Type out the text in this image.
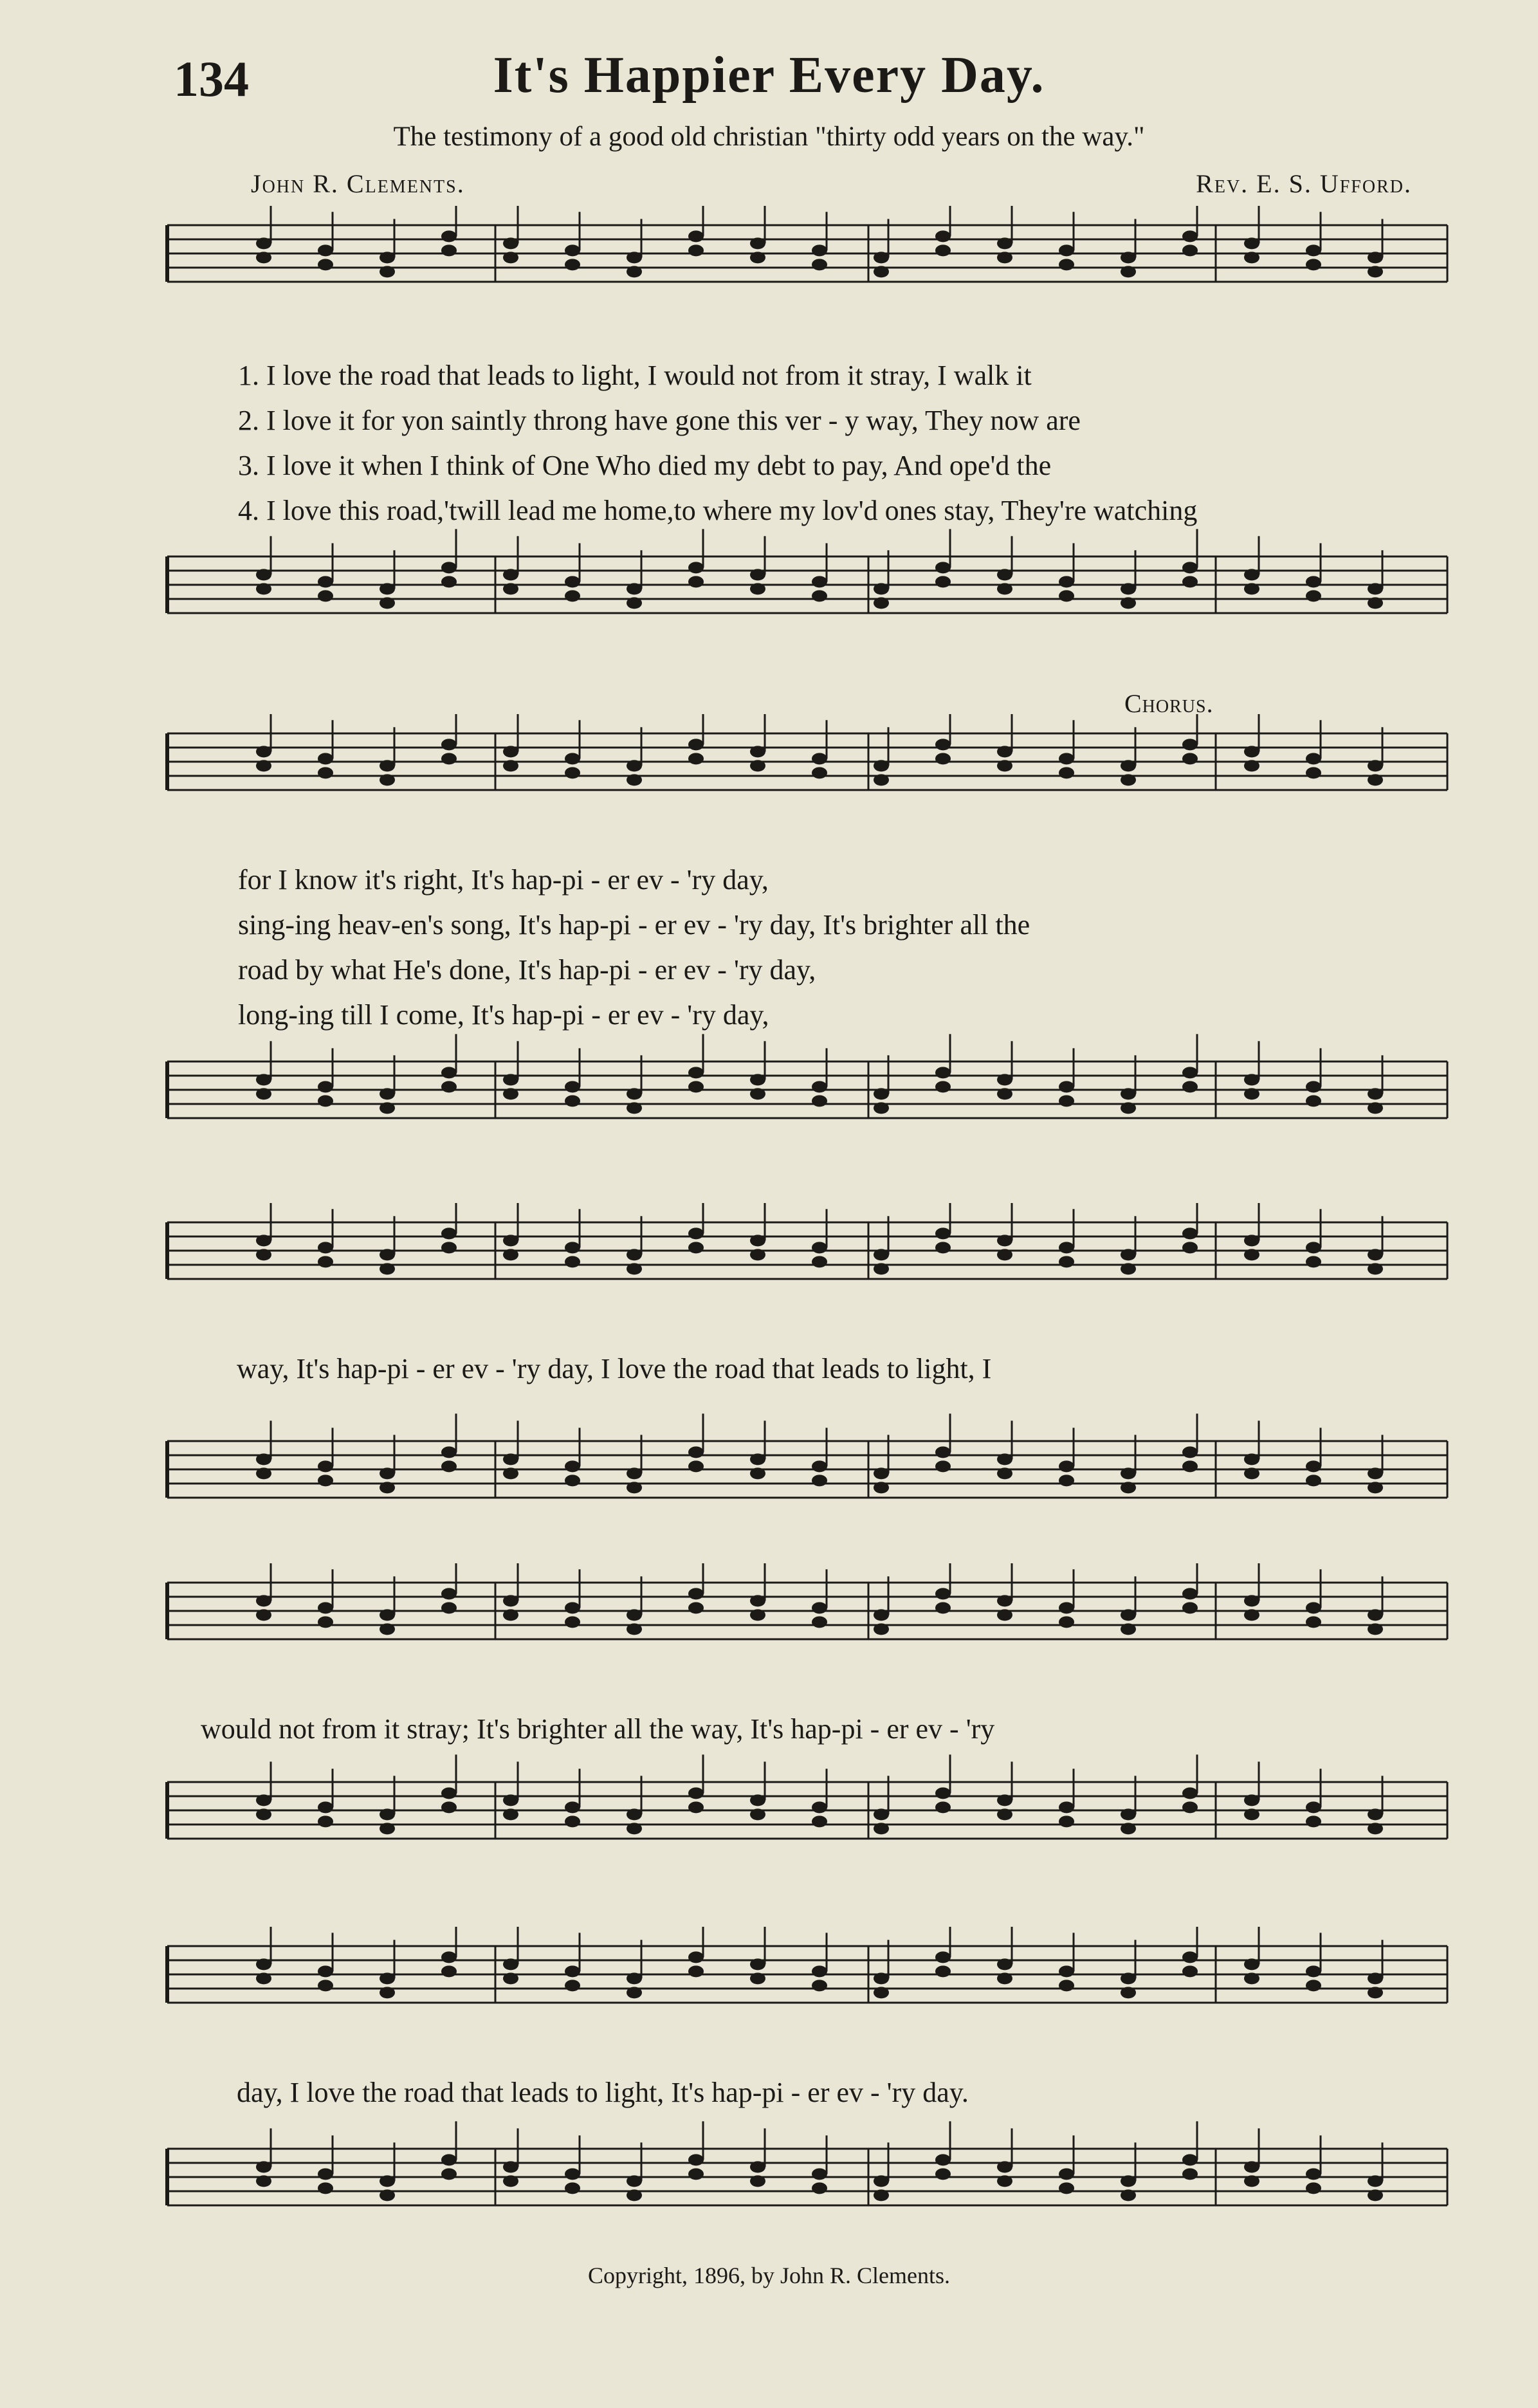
134	It's Happier Every Day.
The testimony of a good old christian "thirty odd years on the way."
John R. Clements.	Rev. E. S. Ufford.
1. I love the road that leads to light, I would not from it stray, I walk it
2. I love it for yon saintly throng have gone this ver - y way, They now are
3. I love it when I think of One Who died my debt to pay, And ope'd the
4. I love this road,'twill lead me home,to where my lov'd ones stay, They're watching
Chorus.
for I know it's right, It's hap-pi - er ev - 'ry day,
sing-ing heav-en's song, It's hap-pi - er ev - 'ry day, It's brighter all the
road by what He's done, It's hap-pi - er ev - 'ry day,
long-ing till I come, It's hap-pi - er ev - 'ry day,
way, It's hap-pi - er ev - 'ry day, I love the road that leads to light, I
would not from it stray; It's brighter all the way, It's hap-pi - er ev - 'ry
day, I love the road that leads to light, It's hap-pi - er ev - 'ry day.
Copyright, 1896, by John R. Clements.
